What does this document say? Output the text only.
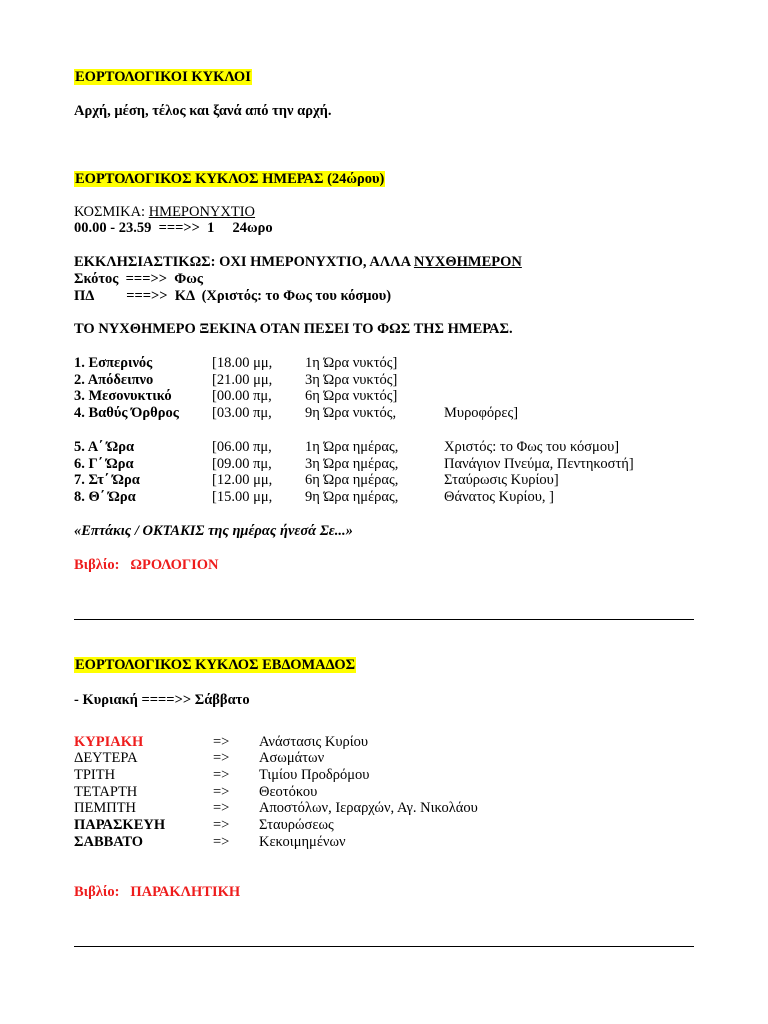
ΕΟΡΤΟΛΟΓΙΚΟΙ ΚΥΚΛΟΙ
Αρχή, μέση, τέλος και ξανά από την αρχή.
ΕΟΡΤΟΛΟΓΙΚΟΣ ΚΥΚΛΟΣ ΗΜΕΡΑΣ (24ώρου)
ΚΟΣΜΙΚΑ: ΗΜΕΡΟΝΥΧΤΙΟ
00.00 - 23.59  ===>>  1     24ωρο
ΕΚΚΛΗΣΙΑΣΤΙΚΩΣ: ΟΧΙ ΗΜΕΡΟΝΥΧΤΙΟ, ΑΛΛΑ ΝΥΧΘΗΜΕΡΟΝ
Σκότος  ===>>  Φως
ΠΔ         ===>>  ΚΔ  (Χριστός: το Φως του κόσμου)
ΤΟ ΝΥΧΘΗΜΕΡΟ ΞΕΚΙΝΑ ΟΤΑΝ ΠΕΣΕΙ ΤΟ ΦΩΣ ΤΗΣ ΗΜΕΡΑΣ.
1. Εσπερινός	[18.00 μμ, 1η Ώρα νυκτός]
2. Απόδειπνο	[21.00 μμ, 3η Ώρα νυκτός]
3. Μεσονυκτικό	[00.00 πμ, 6η Ώρα νυκτός]
4. Βαθύς Όρθρος [03.00 πμ, 9η Ώρα νυκτός,	Μυροφόρες]
5. Α΄ Ώρα	[06.00 πμ, 1η Ώρα ημέρας,	Χριστός: το Φως του κόσμου]
6. Γ΄ Ώρα	[09.00 πμ, 3η Ώρα ημέρας,	Πανάγιον Πνεύμα, Πεντηκοστή]
7. Στ΄ Ώρα	[12.00 μμ, 6η Ώρα ημέρας,	Σταύρωσις Κυρίου]
8. Θ΄ Ώρα	[15.00 μμ, 9η Ώρα ημέρας,	Θάνατος Κυρίου, ]
«Επτάκις / ΟΚΤΑΚΙΣ της ημέρας ήνεσά Σε...»
Βιβλίο:   ΩΡΟΛΟΓΙΟΝ
ΕΟΡΤΟΛΟΓΙΚΟΣ ΚΥΚΛΟΣ ΕΒΔΟΜΑΔΟΣ
- Κυριακή ====>> Σάββατο
ΚΥΡΙΑΚΗ	=> Ανάστασις Κυρίου
ΔΕΥΤΕΡΑ	=> Ασωμάτων
ΤΡΙΤΗ	=> Τιμίου Προδρόμου
ΤΕΤΑΡΤΗ	=> Θεοτόκου
ΠΕΜΠΤΗ	=> Αποστόλων, Ιεραρχών, Αγ. Νικολάου
ΠΑΡΑΣΚΕΥΗ	=> Σταυρώσεως
ΣΑΒΒΑΤΟ	=> Κεκοιμημένων
Βιβλίο:   ΠΑΡΑΚΛΗΤΙΚΗ
